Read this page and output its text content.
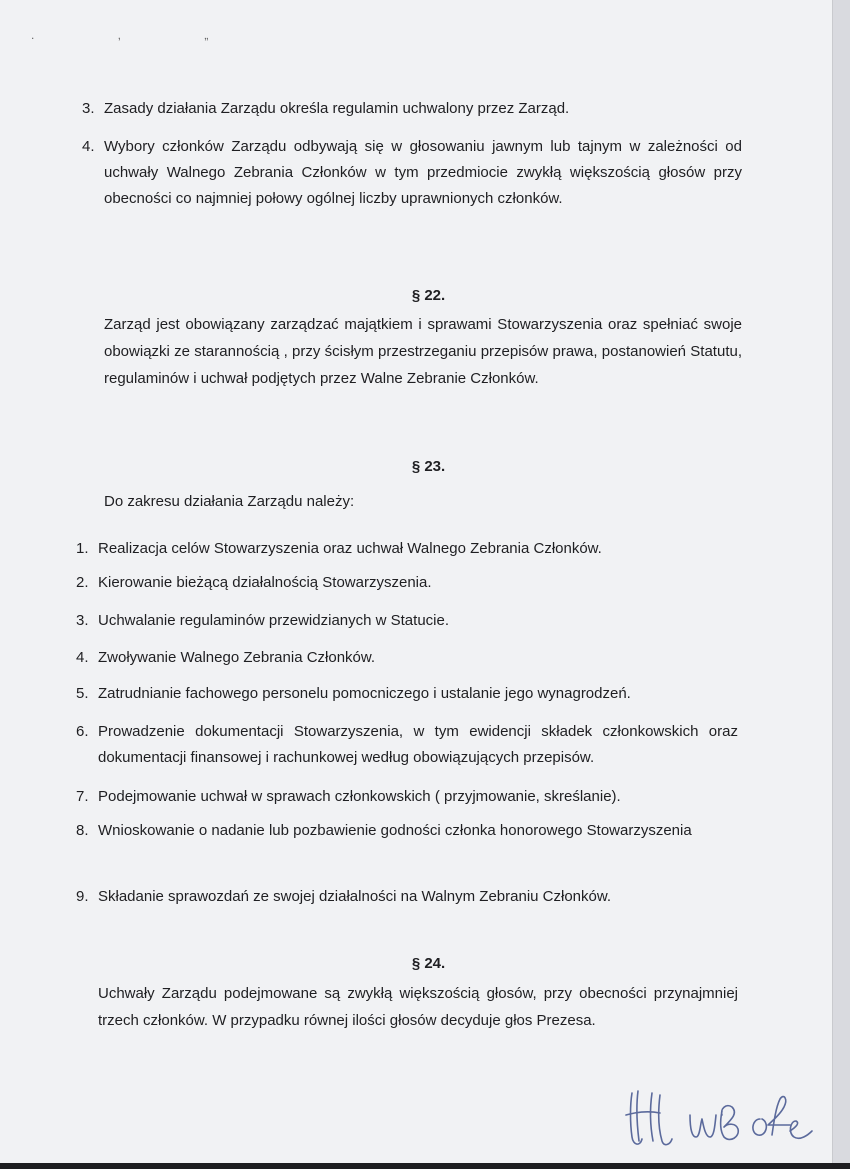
. , „
3. Zasady działania Zarządu określa regulamin uchwalony przez Zarząd.
4. Wybory członków Zarządu odbywają się w głosowaniu jawnym lub tajnym w zależności od uchwały Walnego Zebrania Członków w tym przedmiocie zwykłą większością głosów przy obecności co najmniej połowy ogólnej liczby uprawnionych członków.
§ 22.
Zarząd jest obowiązany zarządzać majątkiem i sprawami Stowarzyszenia oraz spełniać swoje obowiązki ze starannością , przy ścisłym przestrzeganiu przepisów prawa, postanowień Statutu, regulaminów i uchwał podjętych przez Walne Zebranie Członków.
§ 23.
Do zakresu działania Zarządu należy:
1. Realizacja celów Stowarzyszenia oraz uchwał Walnego Zebrania Członków.
2. Kierowanie bieżącą działalnością Stowarzyszenia.
3. Uchwalanie regulaminów przewidzianych w Statucie.
4. Zwoływanie Walnego Zebrania Członków.
5. Zatrudnianie fachowego personelu pomocniczego i ustalanie jego wynagrodzeń.
6. Prowadzenie dokumentacji Stowarzyszenia, w tym ewidencji składek członkowskich oraz dokumentacji finansowej i rachunkowej według obowiązujących przepisów.
7. Podejmowanie uchwał w sprawach członkowskich ( przyjmowanie, skreślanie).
8. Wnioskowanie o nadanie lub pozbawienie godności członka honorowego Stowarzyszenia
9. Składanie sprawozdań ze swojej działalności na Walnym Zebraniu Członków.
§ 24.
Uchwały Zarządu podejmowane są zwykłą większością głosów, przy obecności przynajmniej trzech członków. W przypadku równej ilości głosów decyduje głos Prezesa.
